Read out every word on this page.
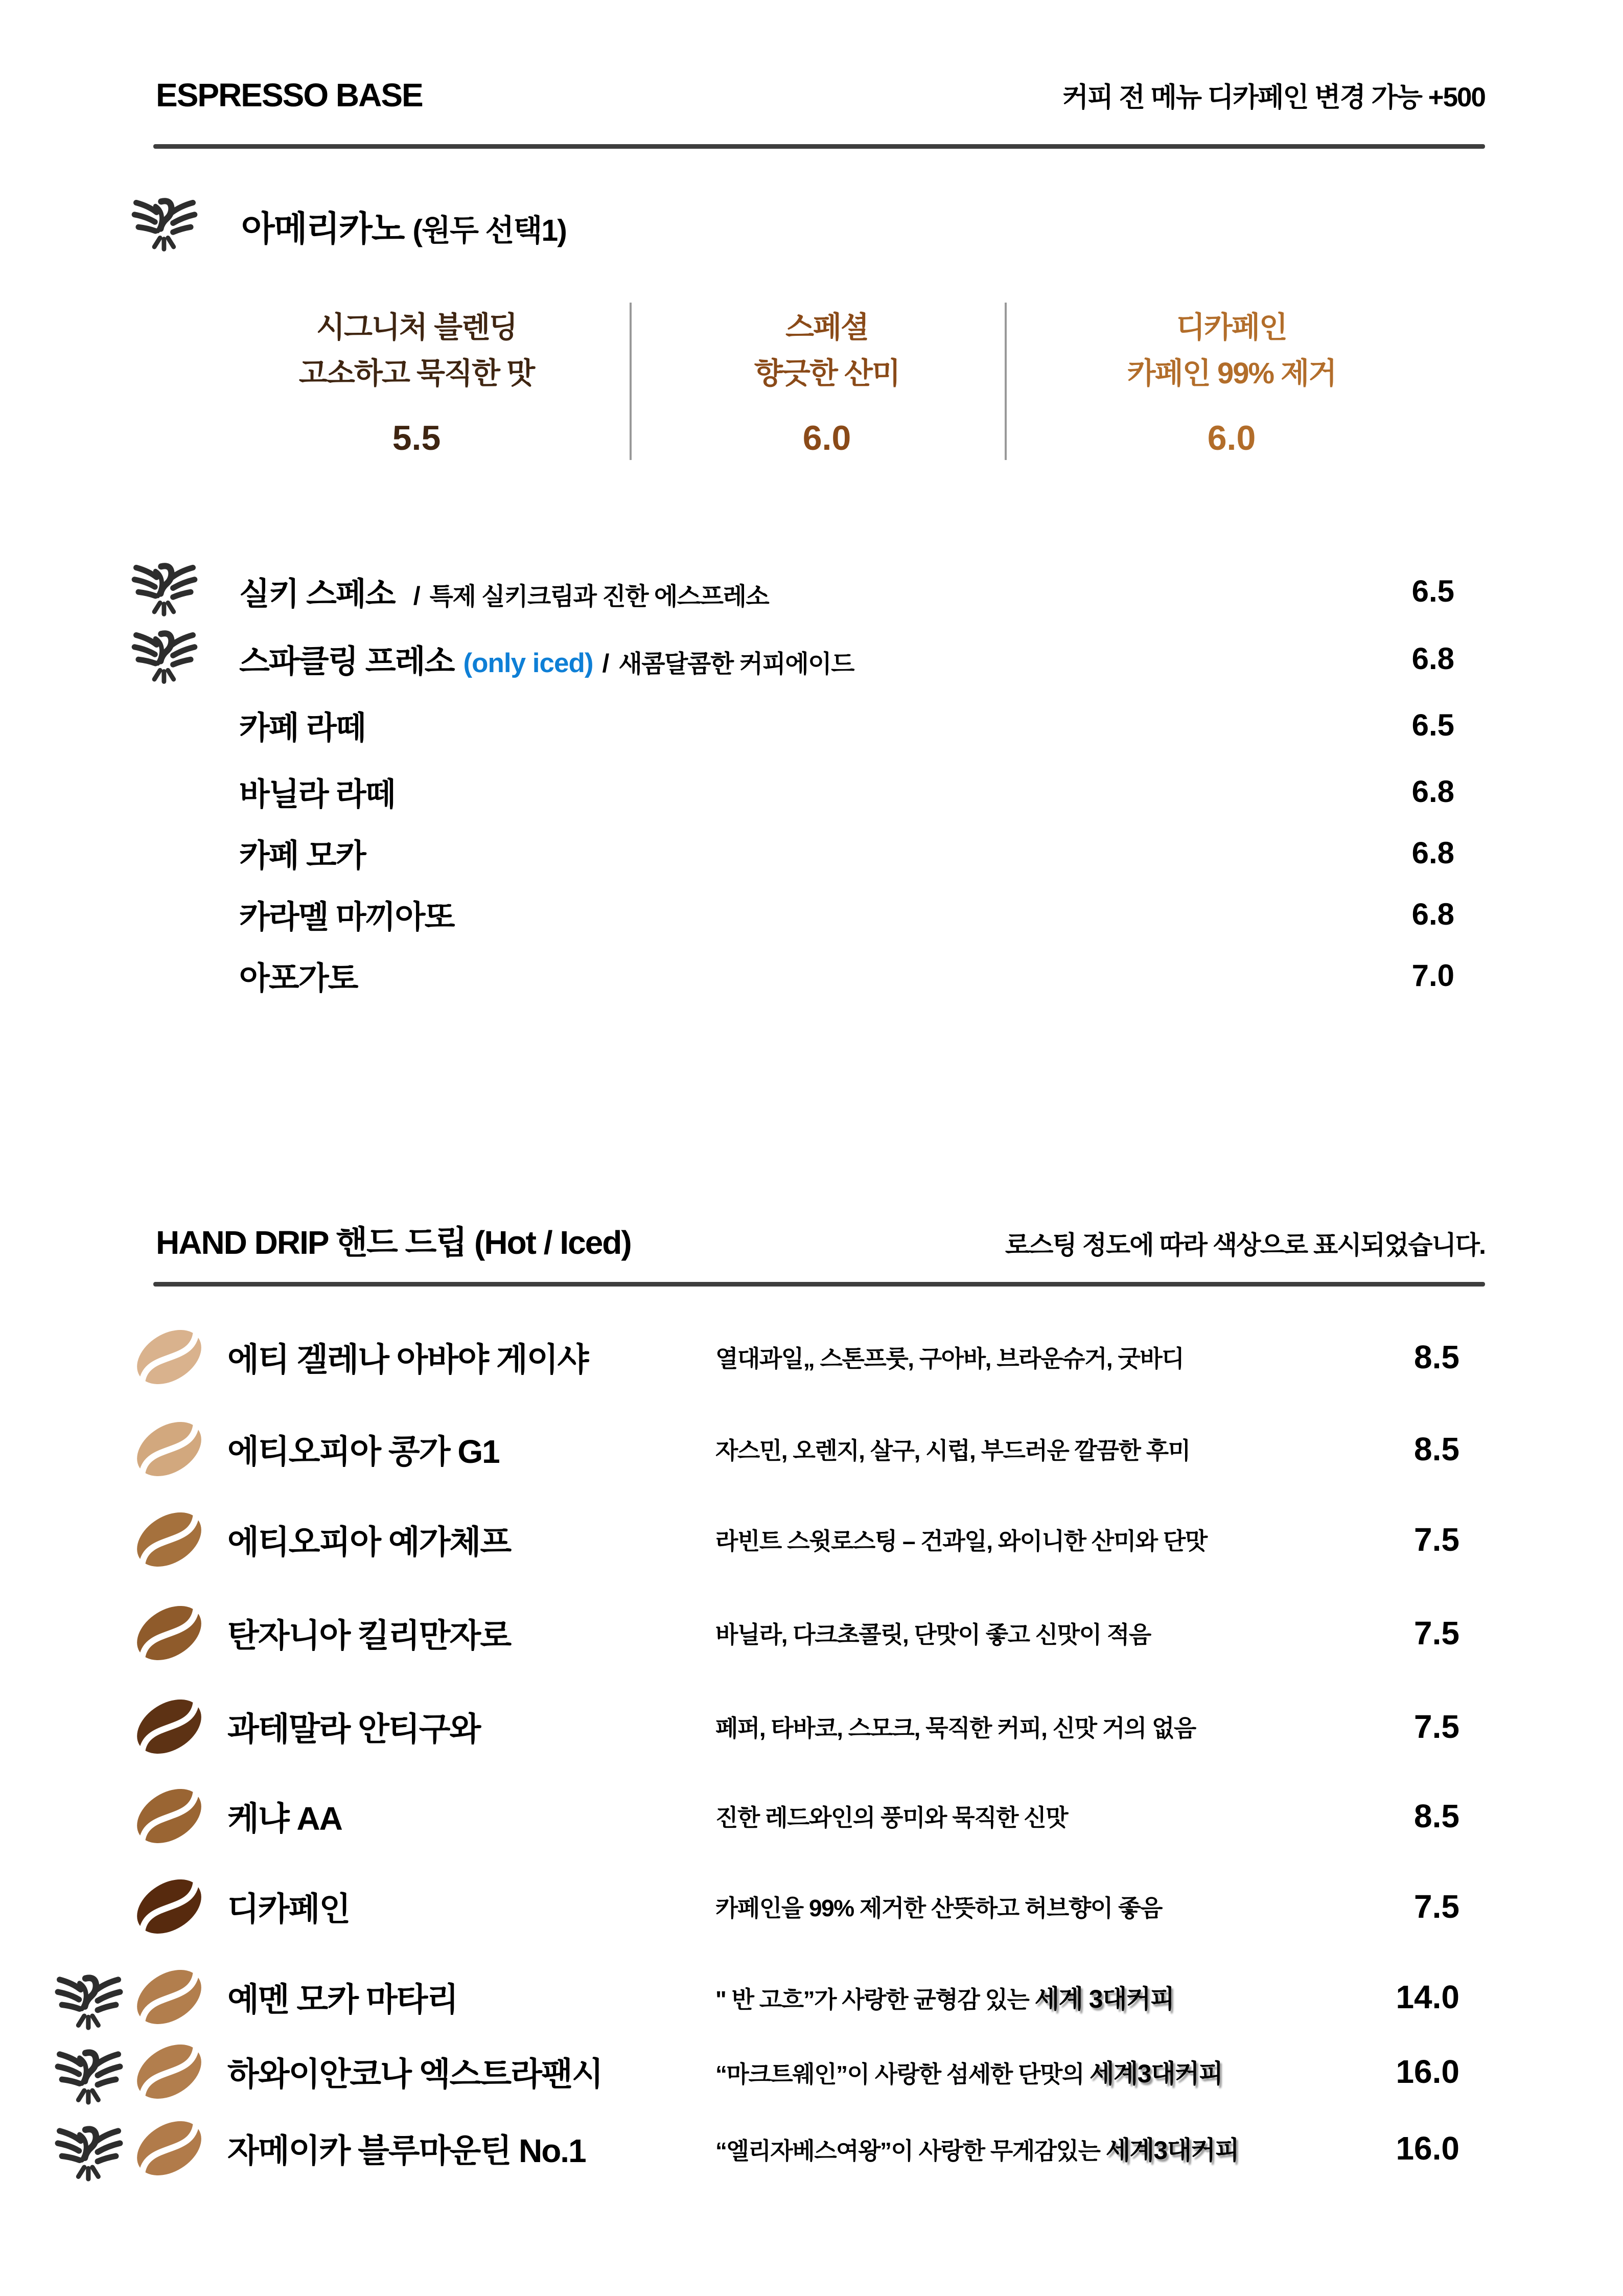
ESPRESSO BASE	커피 전 메뉴 디카페인 변경 가능 +500
아메리카노 (원두 선택1)
시그니처 블렌딩
고소하고 묵직한 맛
5.5
스페셜
향긋한 산미
6.0
디카페인
카페인 99% 제거
6.0
실키 스페소 / 특제 실키크림과 진한 에스프레소	6.5
스파클링 프레소 (only iced) / 새콤달콤한 커피에이드	6.8
카페 라떼	6.5
바닐라 라떼	6.8
카페 모카	6.8
카라멜 마끼아또	6.8
아포가토	7.0
HAND DRIP 핸드 드립 (Hot / Iced)	로스팅 정도에 따라 색상으로 표시되었습니다.
에티 겔레나 아바야 게이샤	열대과일„ 스톤프룻, 구아바, 브라운슈거, 굿바디	8.5
에티오피아 콩가 G1	자스민, 오렌지, 살구, 시럽, 부드러운 깔끔한 후미	8.5
에티오피아 예가체프	라빈트 스윗로스팅 – 건과일, 와이니한 산미와 단맛	7.5
탄자니아 킬리만자로	바닐라, 다크초콜릿, 단맛이 좋고 신맛이 적음	7.5
과테말라 안티구와	페퍼, 타바코, 스모크, 묵직한 커피, 신맛 거의 없음	7.5
케냐 AA	진한 레드와인의 풍미와 묵직한 신맛	8.5
디카페인	카페인을 99% 제거한 산뜻하고 허브향이 좋음	7.5
예멘 모카 마타리	" 반 고흐”가 사랑한 균형감 있는 세계 3대커피	14.0
하와이안코나 엑스트라팬시	“마크트웨인”이 사랑한 섬세한 단맛의 세계3대커피	16.0
자메이카 블루마운틴 No.1	“엘리자베스여왕”이 사랑한 무게감있는 세계3대커피	16.0
